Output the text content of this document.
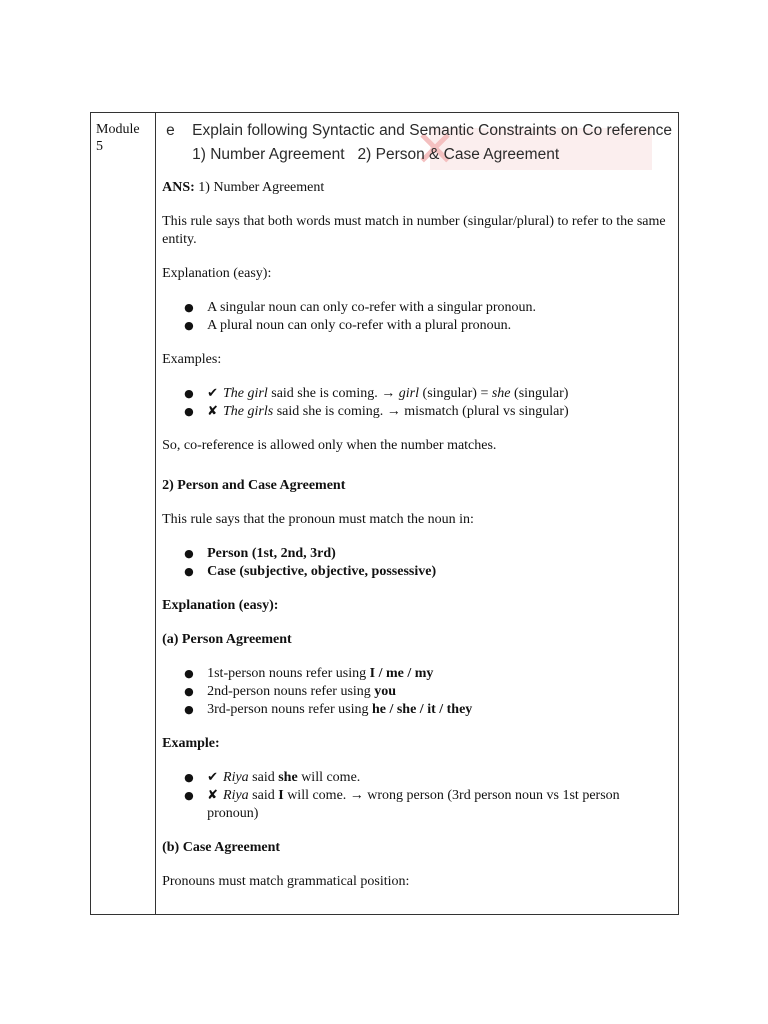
Module
5	✕
e Explain following Syntactic and Semantic Constraints on Co reference
1) Number Agreement   2) Person & Case Agreement

ANS: 1) Number Agreement

This rule says that both words must match in number (singular/plural) to refer to the same entity.

Explanation (easy):

● A singular noun can only co-refer with a singular pronoun.
● A plural noun can only co-refer with a plural pronoun.

Examples:

● ✔ The girl said she is coming. → girl (singular) = she (singular)
● ✘ The girls said she is coming. → mismatch (plural vs singular)

So, co-reference is allowed only when the number matches.

2) Person and Case Agreement

This rule says that the pronoun must match the noun in:

● Person (1st, 2nd, 3rd)
● Case (subjective, objective, possessive)

Explanation (easy):

(a) Person Agreement

● 1st-person nouns refer using I / me / my
● 2nd-person nouns refer using you
● 3rd-person nouns refer using he / she / it / they

Example:

● ✔ Riya said she will come.
● ✘ Riya said I will come. → wrong person (3rd person noun vs 1st person pronoun)

(b) Case Agreement

Pronouns must match grammatical position:
